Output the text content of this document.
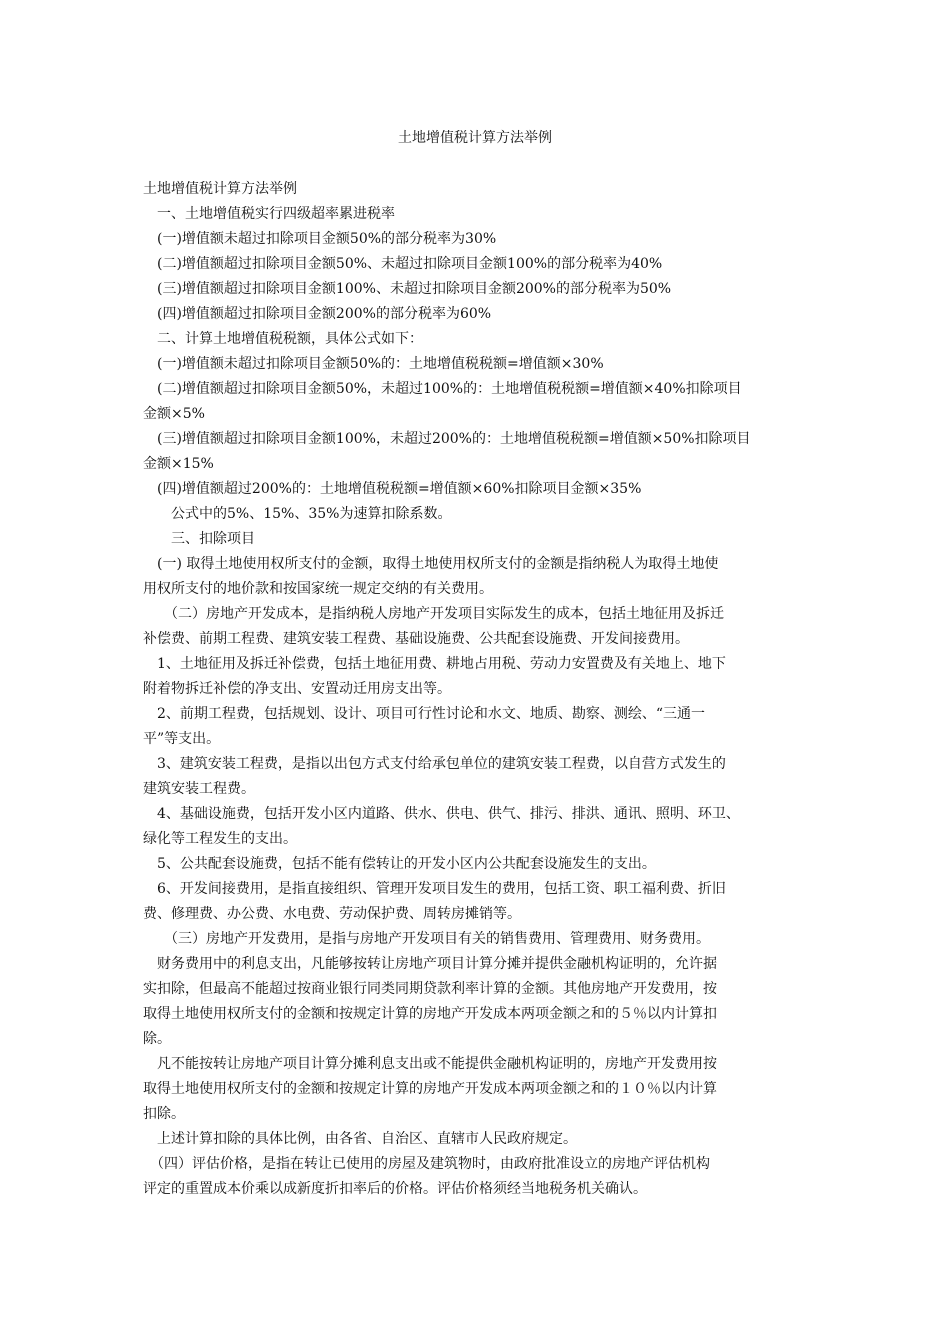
土地增值税计算方法举例
土地增值税计算方法举例
　一、土地增值税实行四级超率累进税率
　(一)增值额未超过扣除项目金额50%的部分税率为30%
　(二)增值额超过扣除项目金额50%、未超过扣除项目金额100%的部分税率为40%
　(三)增值额超过扣除项目金额100%、未超过扣除项目金额200%的部分税率为50%
　(四)增值额超过扣除项目金额200%的部分税率为60%
　二、计算土地增值税税额，具体公式如下：
　(一)增值额未超过扣除项目金额50%的：土地增值税税额=增值额×30%
　(二)增值额超过扣除项目金额50%，未超过100%的：土地增值税税额=增值额×40%扣除项目
金额×5%
　(三)增值额超过扣除项目金额100%，未超过200%的：土地增值税税额=增值额×50%扣除项目
金额×15%
　(四)增值额超过200%的：土地增值税税额=增值额×60%扣除项目金额×35%
　　公式中的5%、15%、35%为速算扣除系数。
　　三、扣除项目
　(一) 取得土地使用权所支付的金额，取得土地使用权所支付的金额是指纳税人为取得土地使
用权所支付的地价款和按国家统一规定交纳的有关费用。
　　（二）房地产开发成本，是指纳税人房地产开发项目实际发生的成本，包括土地征用及拆迁
补偿费、前期工程费、建筑安装工程费、基础设施费、公共配套设施费、开发间接费用。
　1、土地征用及拆迁补偿费，包括土地征用费、耕地占用税、劳动力安置费及有关地上、地下
附着物拆迁补偿的净支出、安置动迁用房支出等。
　2、前期工程费，包括规划、设计、项目可行性讨论和水文、地质、勘察、测绘、“三通一
平”等支出。
　3、建筑安装工程费，是指以出包方式支付给承包单位的建筑安装工程费，以自营方式发生的
建筑安装工程费。
　4、基础设施费，包括开发小区内道路、供水、供电、供气、排污、排洪、通讯、照明、环卫、
绿化等工程发生的支出。
　5、公共配套设施费，包括不能有偿转让的开发小区内公共配套设施发生的支出。
　6、开发间接费用，是指直接组织、管理开发项目发生的费用，包括工资、职工福利费、折旧
费、修理费、办公费、水电费、劳动保护费、周转房摊销等。
　　（三）房地产开发费用，是指与房地产开发项目有关的销售费用、管理费用、财务费用。
　财务费用中的利息支出，凡能够按转让房地产项目计算分摊并提供金融机构证明的，允许据
实扣除，但最高不能超过按商业银行同类同期贷款利率计算的金额。其他房地产开发费用，按
取得土地使用权所支付的金额和按规定计算的房地产开发成本两项金额之和的５％以内计算扣
除。
　凡不能按转让房地产项目计算分摊利息支出或不能提供金融机构证明的，房地产开发费用按
取得土地使用权所支付的金额和按规定计算的房地产开发成本两项金额之和的１０％以内计算
扣除。
　上述计算扣除的具体比例，由各省、自治区、直辖市人民政府规定。
　（四）评估价格，是指在转让已使用的房屋及建筑物时，由政府批准设立的房地产评估机构
评定的重置成本价乘以成新度折扣率后的价格。评估价格须经当地税务机关确认。
